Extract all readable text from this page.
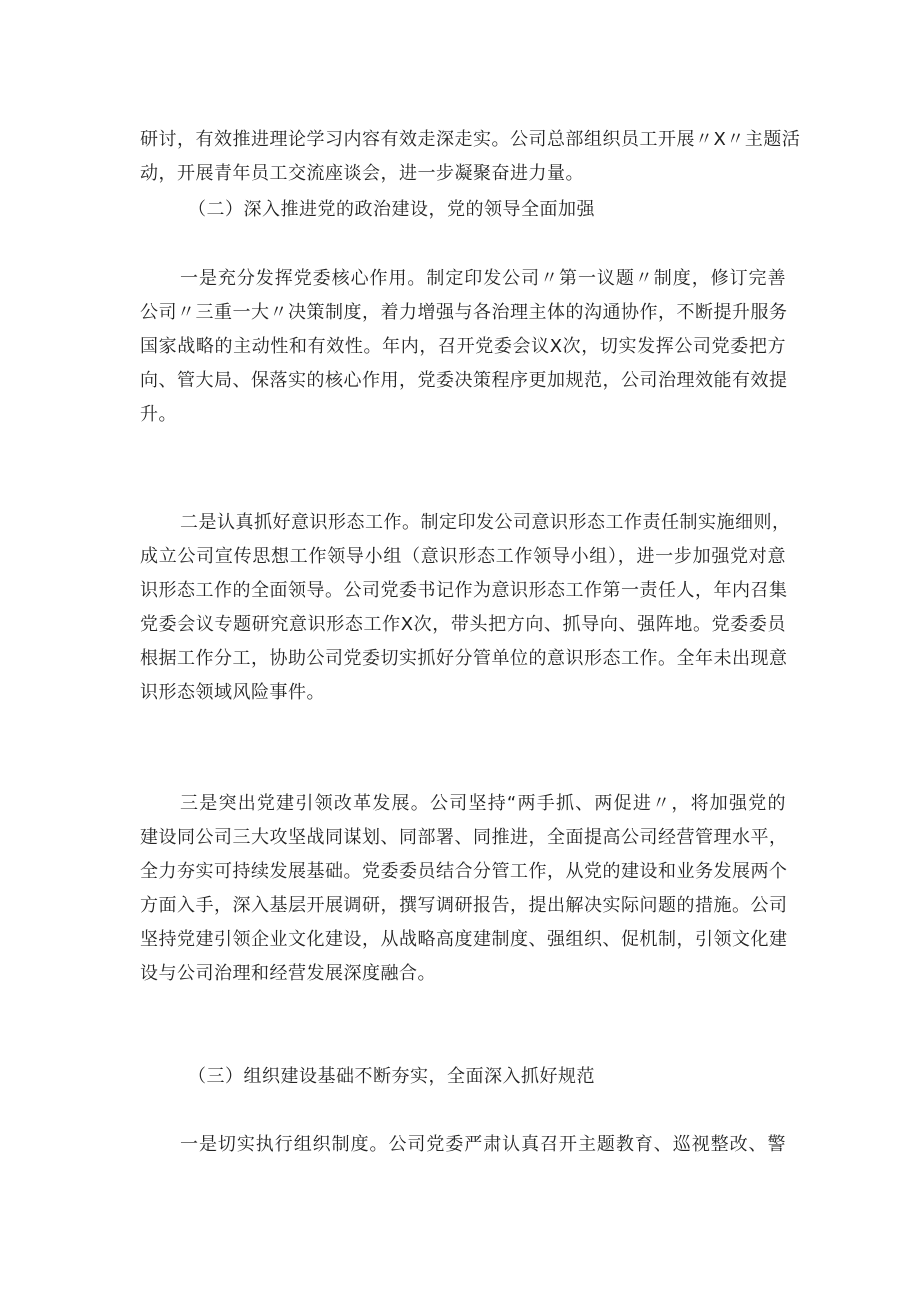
研讨，有效推进理论学习内容有效走深走实。公司总部组织员工开展〃X〃主题活
动，开展青年员工交流座谈会，进一步凝聚奋进力量。
（二）深入推进党的政治建设，党的领导全面加强
一是充分发挥党委核心作用。制定印发公司〃第一议题〃制度，修订完善
公司〃三重一大〃决策制度，着力增强与各治理主体的沟通协作，不断提升服务
国家战略的主动性和有效性。年内，召开党委会议X次，切实发挥公司党委把方
向、管大局、保落实的核心作用，党委决策程序更加规范，公司治理效能有效提
升。
二是认真抓好意识形态工作。制定印发公司意识形态工作责任制实施细则，
成立公司宣传思想工作领导小组（意识形态工作领导小组），进一步加强党对意
识形态工作的全面领导。公司党委书记作为意识形态工作第一责任人，年内召集
党委会议专题研究意识形态工作X次，带头把方向、抓导向、强阵地。党委委员
根据工作分工，协助公司党委切实抓好分管单位的意识形态工作。全年未出现意
识形态领域风险事件。
三是突出党建引领改革发展。公司坚持“两手抓、两促进〃，将加强党的
建设同公司三大攻坚战同谋划、同部署、同推进，全面提高公司经营管理水平，
全力夯实可持续发展基础。党委委员结合分管工作，从党的建设和业务发展两个
方面入手，深入基层开展调研，撰写调研报告，提出解决实际问题的措施。公司
坚持党建引领企业文化建设，从战略高度建制度、强组织、促机制，引领文化建
设与公司治理和经营发展深度融合。
（三）组织建设基础不断夯实，全面深入抓好规范
一是切实执行组织制度。公司党委严肃认真召开主题教育、巡视整改、警
